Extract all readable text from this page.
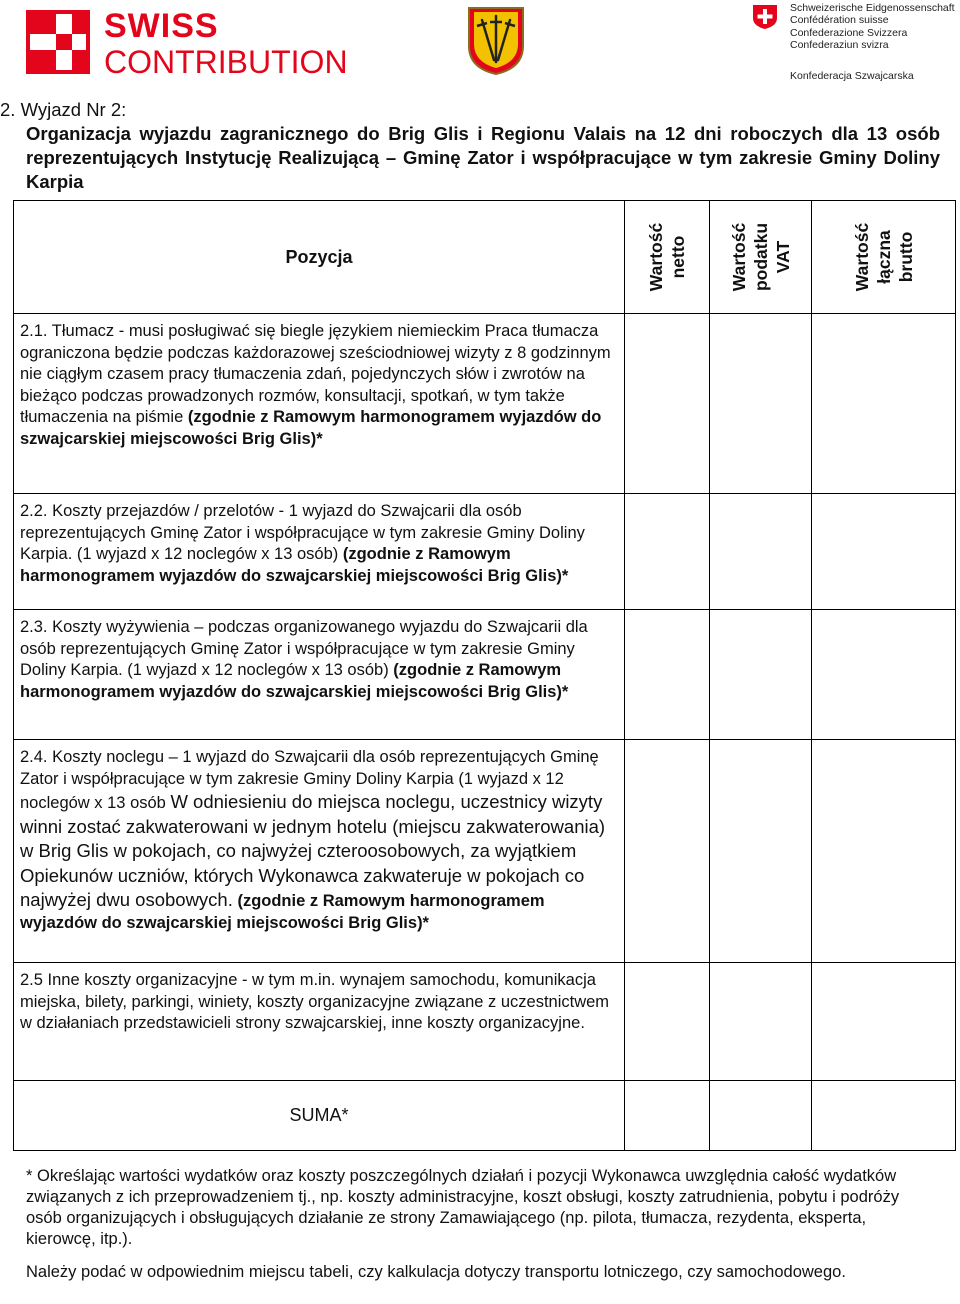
SWISS
CONTRIBUTION
Schweizerische Eidgenossenschaft
Confédération suisse
Confederazione Svizzera
Confederaziun svizra
Konfederacja Szwajcarska
2. Wyjazd Nr 2:
Organizacja wyjazdu zagranicznego do Brig Glis i Regionu Valais na 12 dni roboczych dla 13 osób reprezentujących Instytucję Realizującą – Gminę Zator i współpracujące w tym zakresie Gminy Doliny Karpia
Pozycja	Wartość netto	Wartość podatku VAT	Wartość łączna brutto

2.1. Tłumacz - musi posługiwać się biegle językiem niemieckim Praca tłumacza ograniczona będzie podczas każdorazowej sześciodniowej wizyty z 8 godzinnym nie ciągłym czasem pracy tłumaczenia zdań, pojedynczych słów i zwrotów na bieżąco podczas prowadzonych rozmów, konsultacji, spotkań, w tym także tłumaczenia na piśmie (zgodnie z Ramowym harmonogramem wyjazdów do szwajcarskiej miejscowości Brig Glis)*			
2.2. Koszty przejazdów / przelotów - 1 wyjazd do Szwajcarii dla osób reprezentujących Gminę Zator i współpracujące w tym zakresie Gminy Doliny Karpia. (1 wyjazd x 12 noclegów x 13 osób) (zgodnie z Ramowym harmonogramem wyjazdów do szwajcarskiej miejscowości Brig Glis)*			
2.3. Koszty wyżywienia – podczas organizowanego wyjazdu do Szwajcarii dla osób reprezentujących Gminę Zator i współpracujące w tym zakresie Gminy Doliny Karpia. (1 wyjazd x 12 noclegów x 13 osób) (zgodnie z Ramowym harmonogramem wyjazdów do szwajcarskiej miejscowości Brig Glis)*			
2.4. Koszty noclegu – 1 wyjazd do Szwajcarii dla osób reprezentujących Gminę Zator i współpracujące w tym zakresie Gminy Doliny Karpia (1 wyjazd x 12 noclegów x 13 osób W odniesieniu do miejsca noclegu, uczestnicy wizyty winni zostać zakwaterowani w jednym hotelu (miejscu zakwaterowania) w Brig Glis w pokojach, co najwyżej czteroosobowych, za wyjątkiem Opiekunów uczniów, których Wykonawca zakwateruje w pokojach co najwyżej dwu osobowych. (zgodnie z Ramowym harmonogramem wyjazdów do szwajcarskiej miejscowości Brig Glis)*			
2.5 Inne koszty organizacyjne - w tym m.in. wynajem samochodu, komunikacja miejska, bilety, parkingi, winiety, koszty organizacyjne związane z uczestnictwem w działaniach przedstawicieli strony szwajcarskiej, inne koszty organizacyjne.			
SUMA*			

* Określając wartości wydatków oraz koszty poszczególnych działań i pozycji Wykonawca uwzględnia całość wydatków związanych z ich przeprowadzeniem tj., np. koszty administracyjne, koszt obsługi, koszty zatrudnienia, pobytu i podróży osób organizujących i obsługujących działanie ze strony Zamawiającego (np. pilota, tłumacza, rezydenta, eksperta, kierowcę, itp.).

Należy podać w odpowiednim miejscu tabeli, czy kalkulacja dotyczy transportu lotniczego, czy samochodowego.
